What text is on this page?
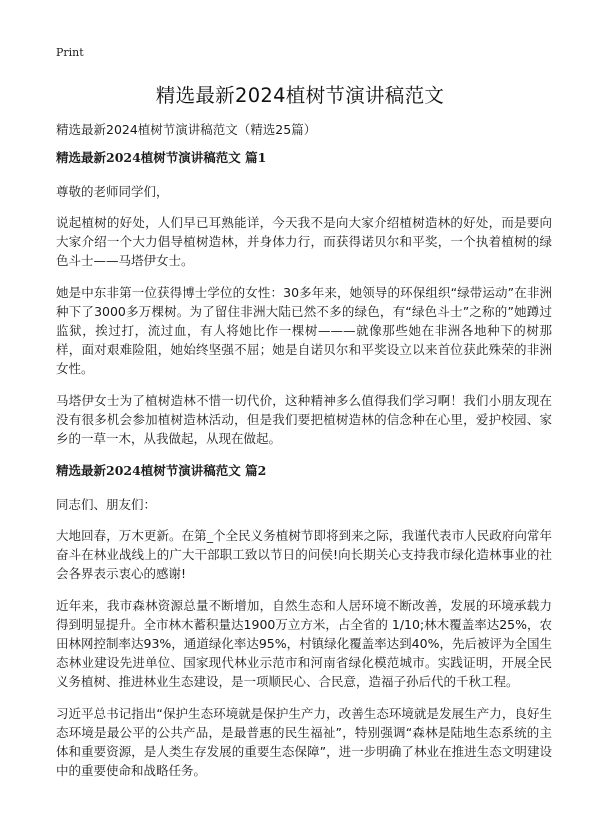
Print
精选最新2024植树节演讲稿范文

精选最新2024植树节演讲稿范文（精选25篇）

精选最新2024植树节演讲稿范文 篇1

尊敬的老师同学们，

说起植树的好处，人们早已耳熟能详，今天我不是向大家介绍植树造林的好处，而是要向大家介绍一个大力倡导植树造林，并身体力行，而获得诺贝尔和平奖，一个执着植树的绿色斗士——马塔伊女士。

她是中东非第一位获得博士学位的女性：30多年来，她领导的环保组织“绿带运动”在非洲种下了3000多万棵树。为了留住非洲大陆已然不多的绿色，有“绿色斗士”之称的”她蹲过监狱，挨过打，流过血，有人将她比作一棵树———就像那些她在非洲各地种下的树那样，面对艰难险阻，她始终坚强不屈；她是自诺贝尔和平奖设立以来首位获此殊荣的非洲女性。

马塔伊女士为了植树造林不惜一切代价，这种精神多么值得我们学习啊！我们小朋友现在没有很多机会参加植树造林活动，但是我们要把植树造林的信念种在心里，爱护校园、家乡的一草一木，从我做起，从现在做起。

精选最新2024植树节演讲稿范文 篇2

同志们、朋友们：

大地回春，万木更新。在第_个全民义务植树节即将到来之际，我谨代表市人民政府向常年奋斗在林业战线上的广大干部职工致以节日的问侯!向长期关心支持我市绿化造林事业的社会各界表示衷心的感谢!

近年来，我市森林资源总量不断增加，自然生态和人居环境不断改善，发展的环境承载力得到明显提升。全市林木蓄积量达1900万立方米，占全省的 1/10;林木覆盖率达25%，农田林网控制率达93%，通道绿化率达95%，村镇绿化覆盖率达到40%，先后被评为全国生态林业建设先进单位、国家现代林业示范市和河南省绿化模范城市。实践证明，开展全民义务植树、推进林业生态建设，是一项顺民心、合民意，造福子孙后代的千秋工程。

习近平总书记指出“保护生态环境就是保护生产力，改善生态环境就是发展生产力，良好生态环境是最公平的公共产品，是最普惠的民生福祉”，特别强调“森林是陆地生态系统的主体和重要资源，是人类生存发展的重要生态保障”，进一步明确了林业在推进生态文明建设中的重要使命和战略任务。
